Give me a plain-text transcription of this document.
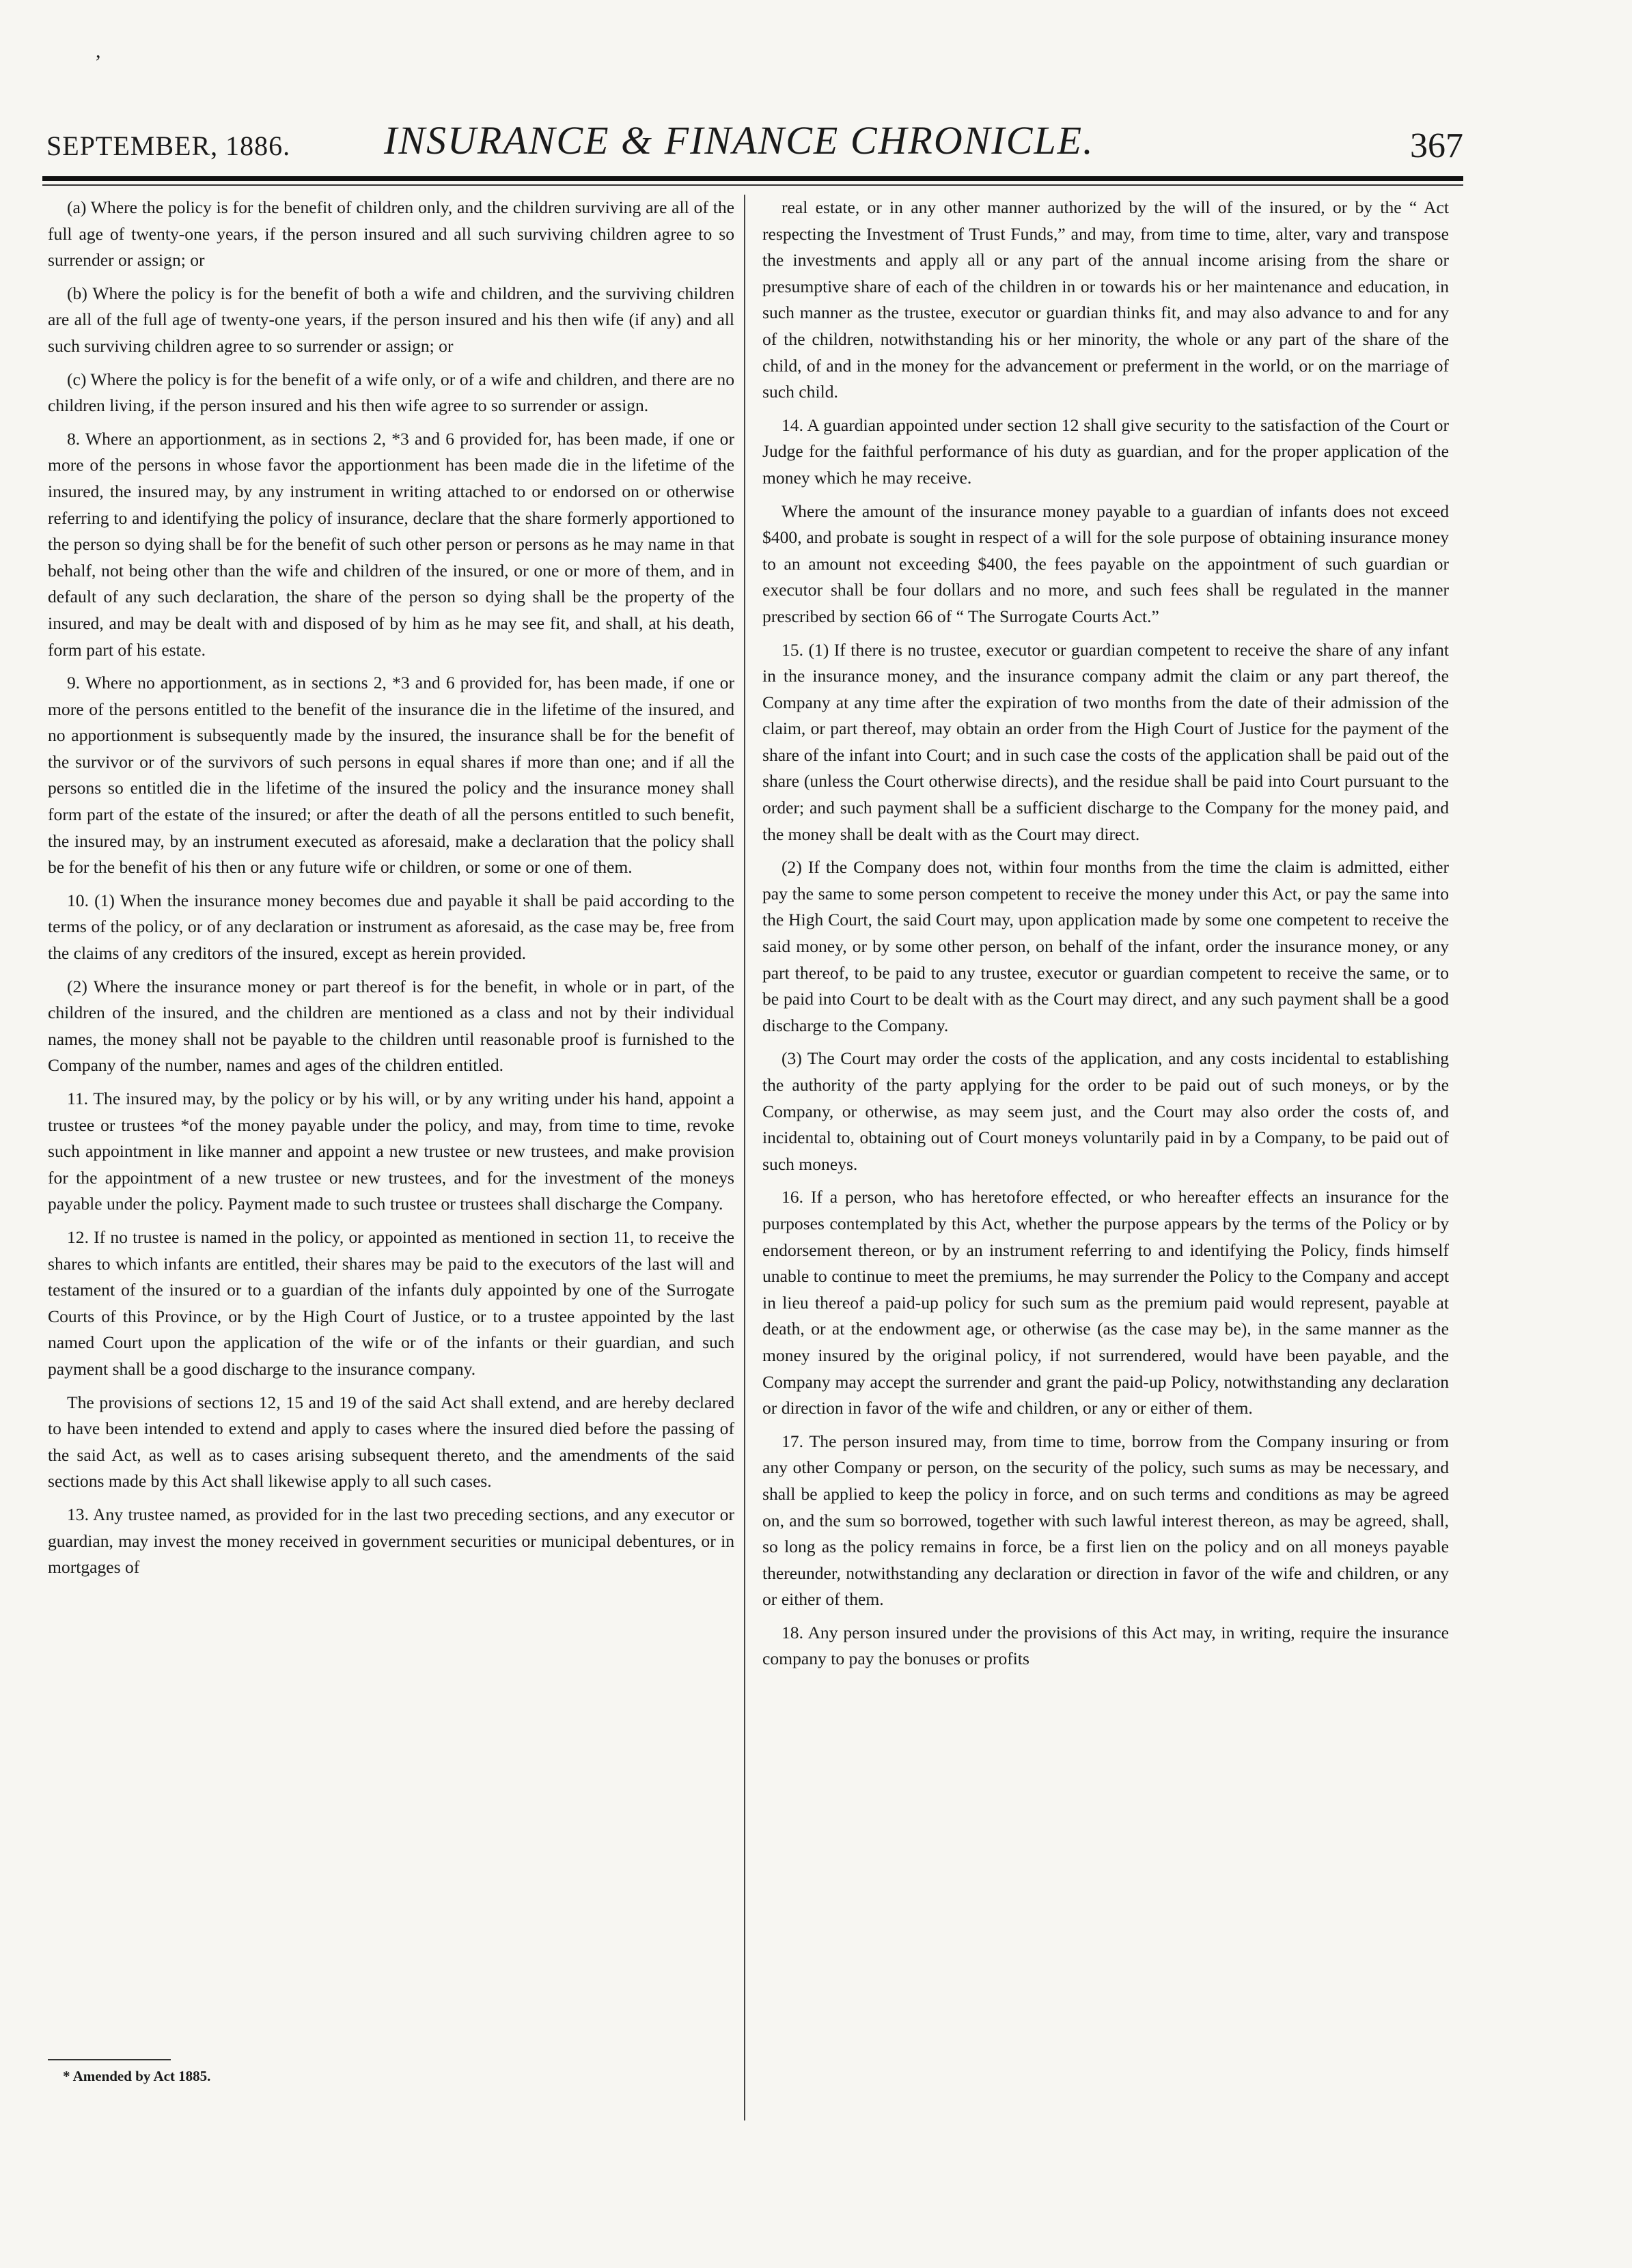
,
SEPTEMBER, 1886. INSURANCE & FINANCE CHRONICLE.	367

(a) Where the policy is for the benefit of children only, and the children surviving are all of the full age of twenty-one years, if the person insured and all such surviving children agree to so surrender or assign; or

(b) Where the policy is for the benefit of both a wife and children, and the surviving children are all of the full age of twenty-one years, if the person insured and his then wife (if any) and all such surviving children agree to so surrender or assign; or

(c) Where the policy is for the benefit of a wife only, or of a wife and children, and there are no children living, if the person insured and his then wife agree to so surrender or assign.

8. Where an apportionment, as in sections 2, *3 and 6 provided for, has been made, if one or more of the persons in whose favor the apportionment has been made die in the lifetime of the insured, the insured may, by any instrument in writing attached to or endorsed on or otherwise referring to and identifying the policy of insurance, declare that the share formerly apportioned to the person so dying shall be for the benefit of such other person or persons as he may name in that behalf, not being other than the wife and children of the insured, or one or more of them, and in default of any such declaration, the share of the person so dying shall be the property of the insured, and may be dealt with and disposed of by him as he may see fit, and shall, at his death, form part of his estate.

9. Where no apportionment, as in sections 2, *3 and 6 provided for, has been made, if one or more of the persons entitled to the benefit of the insurance die in the lifetime of the insured, and no apportionment is subsequently made by the insured, the insurance shall be for the benefit of the survivor or of the survivors of such persons in equal shares if more than one; and if all the persons so entitled die in the lifetime of the insured the policy and the insurance money shall form part of the estate of the insured; or after the death of all the persons entitled to such benefit, the insured may, by an instrument executed as aforesaid, make a declaration that the policy shall be for the benefit of his then or any future wife or children, or some or one of them.

10. (1) When the insurance money becomes due and payable it shall be paid according to the terms of the policy, or of any declaration or instrument as aforesaid, as the case may be, free from the claims of any creditors of the insured, except as herein provided.

(2) Where the insurance money or part thereof is for the benefit, in whole or in part, of the children of the insured, and the children are mentioned as a class and not by their individual names, the money shall not be payable to the children until reasonable proof is furnished to the Company of the number, names and ages of the children entitled.

11. The insured may, by the policy or by his will, or by any writing under his hand, appoint a trustee or trustees *of the money payable under the policy, and may, from time to time, revoke such appointment in like manner and appoint a new trustee or new trustees, and make provision for the appointment of a new trustee or new trustees, and for the investment of the moneys payable under the policy. Payment made to such trustee or trustees shall discharge the Company.

12. If no trustee is named in the policy, or appointed as mentioned in section 11, to receive the shares to which infants are entitled, their shares may be paid to the executors of the last will and testament of the insured or to a guardian of the infants duly appointed by one of the Surrogate Courts of this Province, or by the High Court of Justice, or to a trustee appointed by the last named Court upon the application of the wife or of the infants or their guardian, and such payment shall be a good discharge to the insurance company.

The provisions of sections 12, 15 and 19 of the said Act shall extend, and are hereby declared to have been intended to extend and apply to cases where the insured died before the passing of the said Act, as well as to cases arising subsequent thereto, and the amendments of the said sections made by this Act shall likewise apply to all such cases.

13. Any trustee named, as provided for in the last two preceding sections, and any executor or guardian, may invest the money received in government securities or municipal debentures, or in mortgages of

real estate, or in any other manner authorized by the will of the insured, or by the “ Act respecting the Investment of Trust Funds,” and may, from time to time, alter, vary and transpose the investments and apply all or any part of the annual income arising from the share or presumptive share of each of the children in or towards his or her maintenance and education, in such manner as the trustee, executor or guardian thinks fit, and may also advance to and for any of the children, notwithstanding his or her minority, the whole or any part of the share of the child, of and in the money for the advancement or preferment in the world, or on the marriage of such child.

14. A guardian appointed under section 12 shall give security to the satisfaction of the Court or Judge for the faithful performance of his duty as guardian, and for the proper application of the money which he may receive.

Where the amount of the insurance money payable to a guardian of infants does not exceed $400, and probate is sought in respect of a will for the sole purpose of obtaining insurance money to an amount not exceeding $400, the fees payable on the appointment of such guardian or executor shall be four dollars and no more, and such fees shall be regulated in the manner prescribed by section 66 of “ The Surrogate Courts Act.”

15. (1) If there is no trustee, executor or guardian competent to receive the share of any infant in the insurance money, and the insurance company admit the claim or any part thereof, the Company at any time after the expiration of two months from the date of their admission of the claim, or part thereof, may obtain an order from the High Court of Justice for the payment of the share of the infant into Court; and in such case the costs of the application shall be paid out of the share (unless the Court otherwise directs), and the residue shall be paid into Court pursuant to the order; and such payment shall be a sufficient discharge to the Company for the money paid, and the money shall be dealt with as the Court may direct.

(2) If the Company does not, within four months from the time the claim is admitted, either pay the same to some person competent to receive the money under this Act, or pay the same into the High Court, the said Court may, upon application made by some one competent to receive the said money, or by some other person, on behalf of the infant, order the insurance money, or any part thereof, to be paid to any trustee, executor or guardian competent to receive the same, or to be paid into Court to be dealt with as the Court may direct, and any such payment shall be a good discharge to the Company.

(3) The Court may order the costs of the application, and any costs incidental to establishing the authority of the party applying for the order to be paid out of such moneys, or by the Company, or otherwise, as may seem just, and the Court may also order the costs of, and incidental to, obtaining out of Court moneys voluntarily paid in by a Company, to be paid out of such moneys.

16. If a person, who has heretofore effected, or who hereafter effects an insurance for the purposes contemplated by this Act, whether the purpose appears by the terms of the Policy or by endorsement thereon, or by an instrument referring to and identifying the Policy, finds himself unable to continue to meet the premiums, he may surrender the Policy to the Company and accept in lieu thereof a paid-up policy for such sum as the premium paid would represent, payable at death, or at the endowment age, or otherwise (as the case may be), in the same manner as the money insured by the original policy, if not surrendered, would have been payable, and the Company may accept the surrender and grant the paid-up Policy, notwithstanding any declaration or direction in favor of the wife and children, or any or either of them.

17. The person insured may, from time to time, borrow from the Company insuring or from any other Company or person, on the security of the policy, such sums as may be necessary, and shall be applied to keep the policy in force, and on such terms and conditions as may be agreed on, and the sum so borrowed, together with such lawful interest thereon, as may be agreed, shall, so long as the policy remains in force, be a first lien on the policy and on all moneys payable thereunder, notwithstanding any declaration or direction in favor of the wife and children, or any or either of them.

18. Any person insured under the provisions of this Act may, in writing, require the insurance company to pay the bonuses or profits

* Amended by Act 1885.
